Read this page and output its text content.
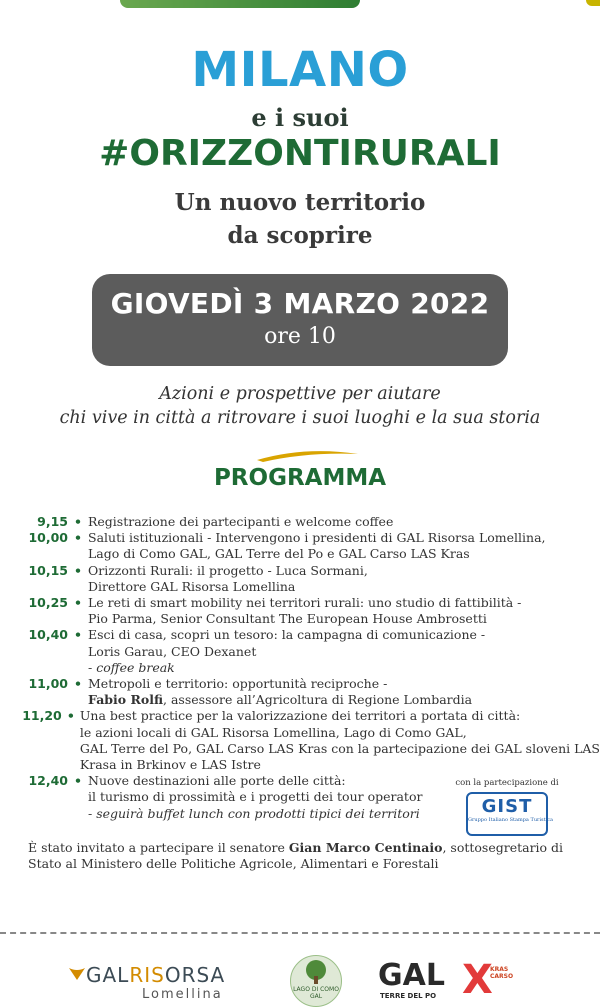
MILANO
e i suoi
#ORIZZONTIRURALI
Un nuovo territorio
da scoprire
GIOVEDÌ 3 MARZO 2022
ore 10
Azioni e prospettive per aiutare
chi vive in città a ritrovare i suoi luoghi e la sua storia
PROGRAMMA
9,15 • Registrazione dei partecipanti e welcome coffee
10,00 • Saluti istituzionali - Intervengono i presidenti di GAL Risorsa Lomellina,
Lago di Como GAL, GAL Terre del Po e GAL Carso LAS Kras
10,15 • Orizzonti Rurali: il progetto - Luca Sormani,
Direttore GAL Risorsa Lomellina
10,25 • Le reti di smart mobility nei territori rurali: uno studio di fattibilità -
Pio Parma, Senior Consultant The European House Ambrosetti
10,40 • Esci di casa, scopri un tesoro: la campagna di comunicazione -
Loris Garau, CEO Dexanet
- coffee break
11,00 • Metropoli e territorio: opportunità reciproche -
Fabio Rolfi, assessore all’Agricoltura di Regione Lombardia
11,20 • Una best practice per la valorizzazione dei territori a portata di città:
le azioni locali di GAL Risorsa Lomellina, Lago di Como GAL,
GAL Terre del Po, GAL Carso LAS Kras con la partecipazione dei GAL sloveni LAS
Krasa in Brkinov e LAS Istre
12,40 • Nuove destinazioni alle porte delle città:
il turismo di prossimità e i progetti dei tour operator
- seguirà buffet lunch con prodotti tipici dei territori
con la partecipazione di
GIST
Gruppo Italiano Stampa Turistica
È stato invitato a partecipare il senatore Gian Marco Centinaio, sottosegretario di Stato al Ministero delle Politiche Agricole, Alimentari e Forestali
GALRISORSA
Lomellina	LAGO DI COMO GAL
GAL
TERRE DEL PO X
KRAS CARSO
